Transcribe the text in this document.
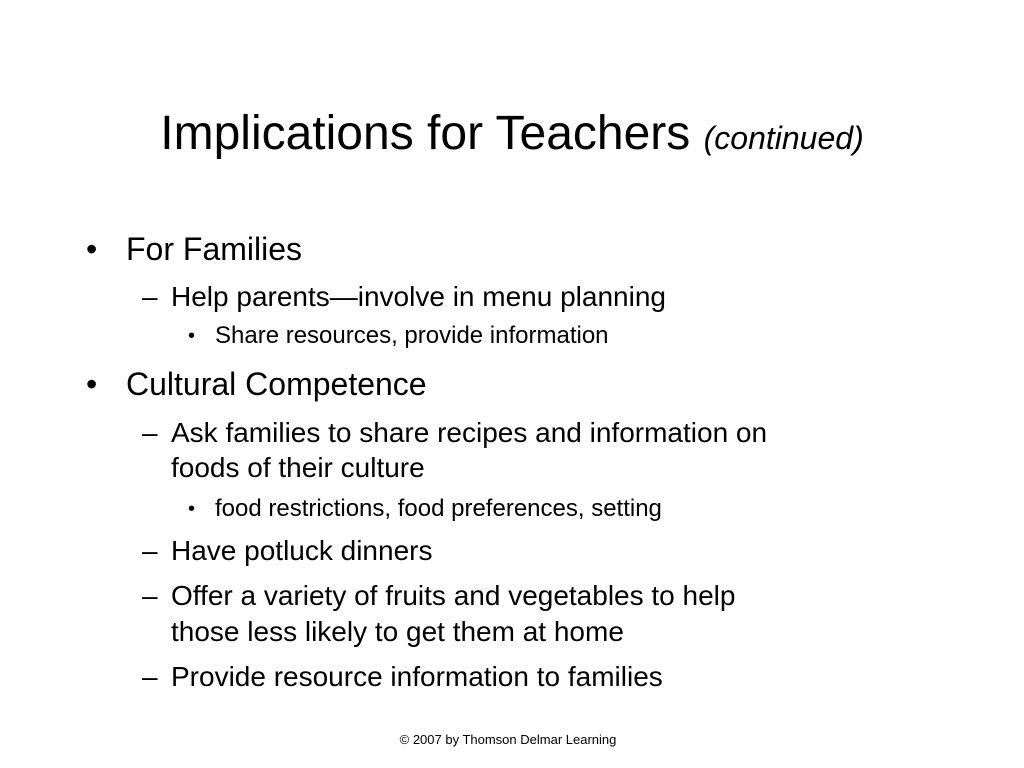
Implications for Teachers (continued)
• For Families
– Help parents—involve in menu planning
• Share resources, provide information
• Cultural Competence
– Ask families to share recipes and information on
foods of their culture
• food restrictions, food preferences, setting
– Have potluck dinners
– Offer a variety of fruits and vegetables to help
those less likely to get them at home
– Provide resource information to families
© 2007 by Thomson Delmar Learning
